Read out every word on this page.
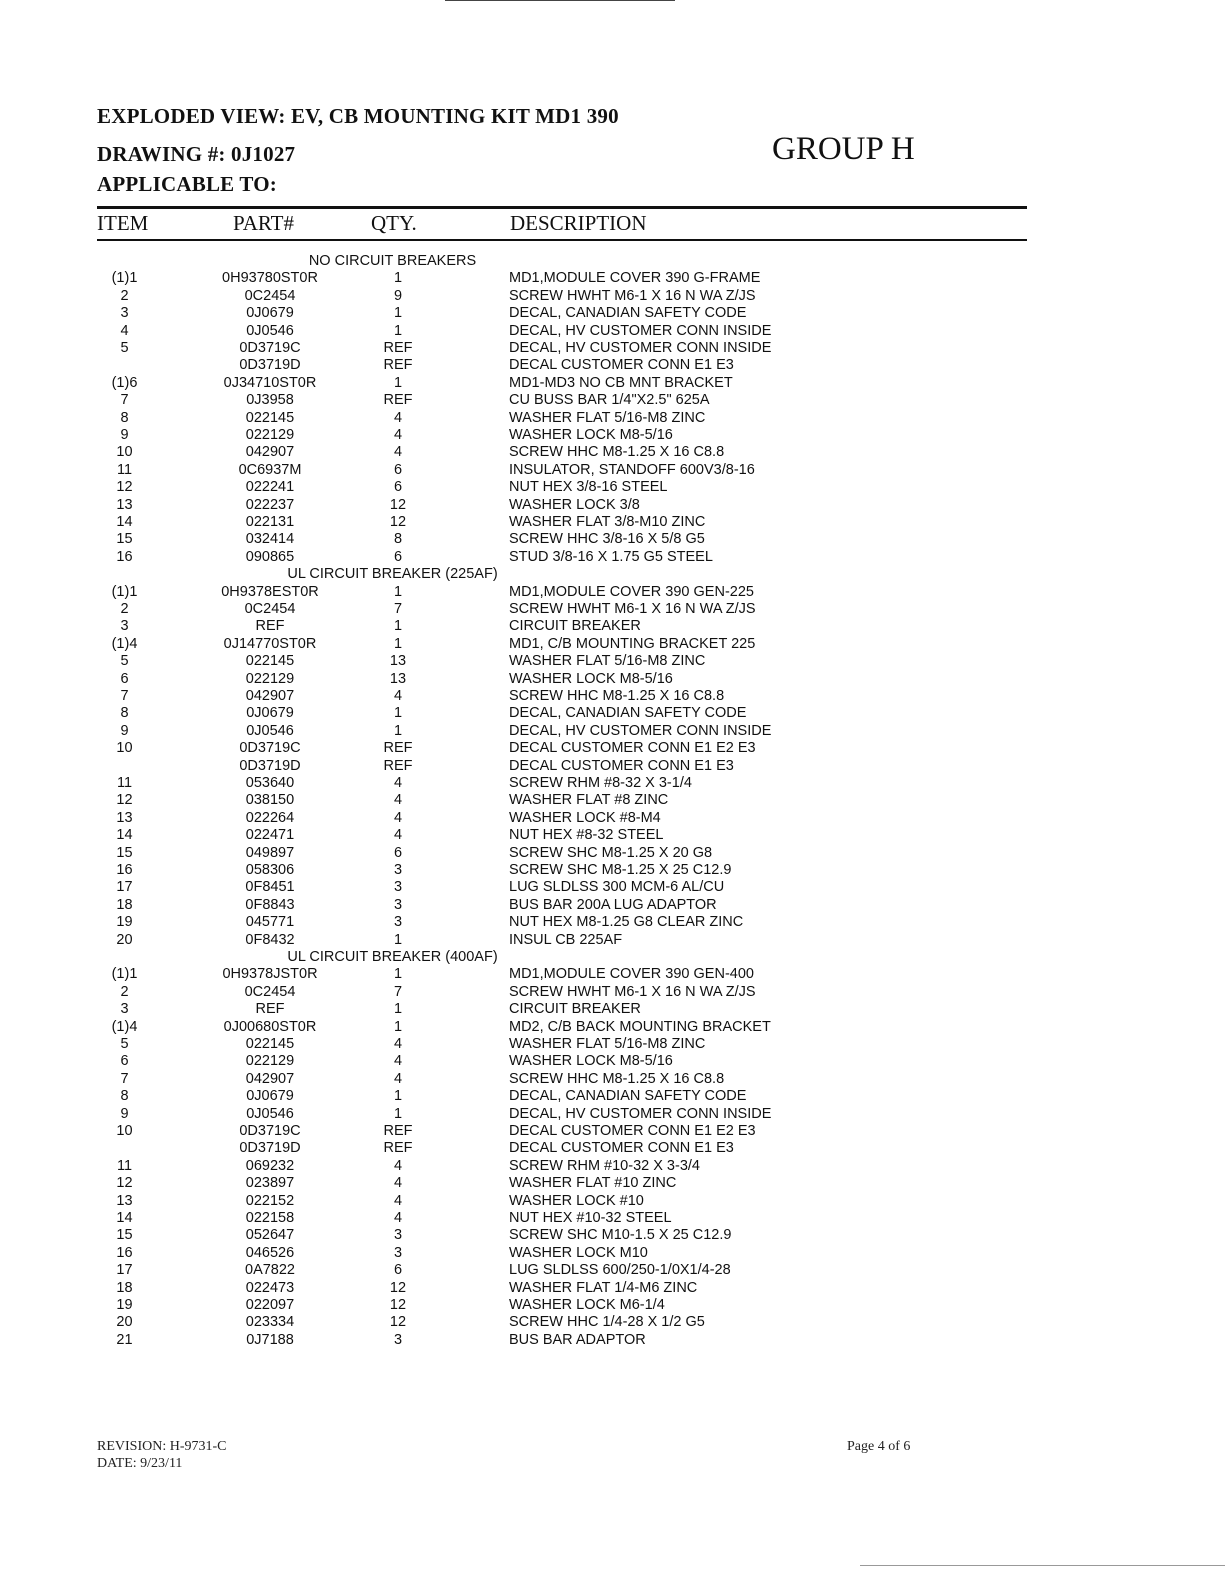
EXPLODED VIEW: EV, CB MOUNTING KIT MD1 390
DRAWING #: 0J1027
APPLICABLE TO:
GROUP H
ITEM	PART#	QTY.	DESCRIPTION
NO CIRCUIT BREAKERS
(1)1	0H93780ST0R	1	MD1,MODULE COVER 390 G-FRAME
2	0C2454	9	SCREW HWHT M6-1 X 16 N WA Z/JS
3	0J0679	1	DECAL, CANADIAN SAFETY CODE
4	0J0546	1	DECAL, HV CUSTOMER CONN INSIDE
5	0D3719C	REF	DECAL, HV CUSTOMER CONN INSIDE
0D3719D	REF	DECAL CUSTOMER CONN E1 E3
(1)6	0J34710ST0R	1	MD1-MD3 NO CB MNT BRACKET
7	0J3958	REF	CU BUSS BAR 1/4"X2.5" 625A
8	022145	4	WASHER FLAT 5/16-M8 ZINC
9	022129	4	WASHER LOCK M8-5/16
10	042907	4	SCREW HHC M8-1.25 X 16 C8.8
11	0C6937M	6	INSULATOR, STANDOFF 600V3/8-16
12	022241	6	NUT HEX 3/8-16 STEEL
13	022237	12	WASHER LOCK 3/8
14	022131	12	WASHER FLAT 3/8-M10 ZINC
15	032414	8	SCREW HHC 3/8-16 X 5/8 G5
16	090865	6	STUD 3/8-16 X 1.75 G5 STEEL
UL CIRCUIT BREAKER (225AF)
(1)1	0H9378EST0R	1	MD1,MODULE COVER 390 GEN-225
2	0C2454	7	SCREW HWHT M6-1 X 16 N WA Z/JS
3	REF	1	CIRCUIT BREAKER
(1)4	0J14770ST0R	1	MD1, C/B MOUNTING BRACKET 225
5	022145	13	WASHER FLAT 5/16-M8 ZINC
6	022129	13	WASHER LOCK M8-5/16
7	042907	4	SCREW HHC M8-1.25 X 16 C8.8
8	0J0679	1	DECAL, CANADIAN SAFETY CODE
9	0J0546	1	DECAL, HV CUSTOMER CONN INSIDE
10	0D3719C	REF	DECAL CUSTOMER CONN E1 E2 E3
0D3719D	REF	DECAL CUSTOMER CONN E1 E3
11	053640	4	SCREW RHM #8-32 X 3-1/4
12	038150	4	WASHER FLAT #8 ZINC
13	022264	4	WASHER LOCK #8-M4
14	022471	4	NUT HEX #8-32 STEEL
15	049897	6	SCREW SHC M8-1.25 X 20 G8
16	058306	3	SCREW SHC M8-1.25 X 25 C12.9
17	0F8451	3	LUG SLDLSS 300 MCM-6 AL/CU
18	0F8843	3	BUS BAR 200A LUG ADAPTOR
19	045771	3	NUT HEX M8-1.25 G8 CLEAR ZINC
20	0F8432	1	INSUL CB 225AF
UL CIRCUIT BREAKER (400AF)
(1)1	0H9378JST0R	1	MD1,MODULE COVER 390 GEN-400
2	0C2454	7	SCREW HWHT M6-1 X 16 N WA Z/JS
3	REF	1	CIRCUIT BREAKER
(1)4	0J00680ST0R	1	MD2, C/B BACK MOUNTING BRACKET
5	022145	4	WASHER FLAT 5/16-M8 ZINC
6	022129	4	WASHER LOCK M8-5/16
7	042907	4	SCREW HHC M8-1.25 X 16 C8.8
8	0J0679	1	DECAL, CANADIAN SAFETY CODE
9	0J0546	1	DECAL, HV CUSTOMER CONN INSIDE
10	0D3719C	REF	DECAL CUSTOMER CONN E1 E2 E3
0D3719D	REF	DECAL CUSTOMER CONN E1 E3
11	069232	4	SCREW RHM #10-32 X 3-3/4
12	023897	4	WASHER FLAT #10 ZINC
13	022152	4	WASHER LOCK #10
14	022158	4	NUT HEX #10-32 STEEL
15	052647	3	SCREW SHC M10-1.5 X 25 C12.9
16	046526	3	WASHER LOCK M10
17	0A7822	6	LUG SLDLSS 600/250-1/0X1/4-28
18	022473	12	WASHER FLAT 1/4-M6 ZINC
19	022097	12	WASHER LOCK M6-1/4
20	023334	12	SCREW HHC 1/4-28 X 1/2 G5
21	0J7188	3	BUS BAR ADAPTOR
REVISION: H-9731-C
DATE: 9/23/11
Page 4 of 6
